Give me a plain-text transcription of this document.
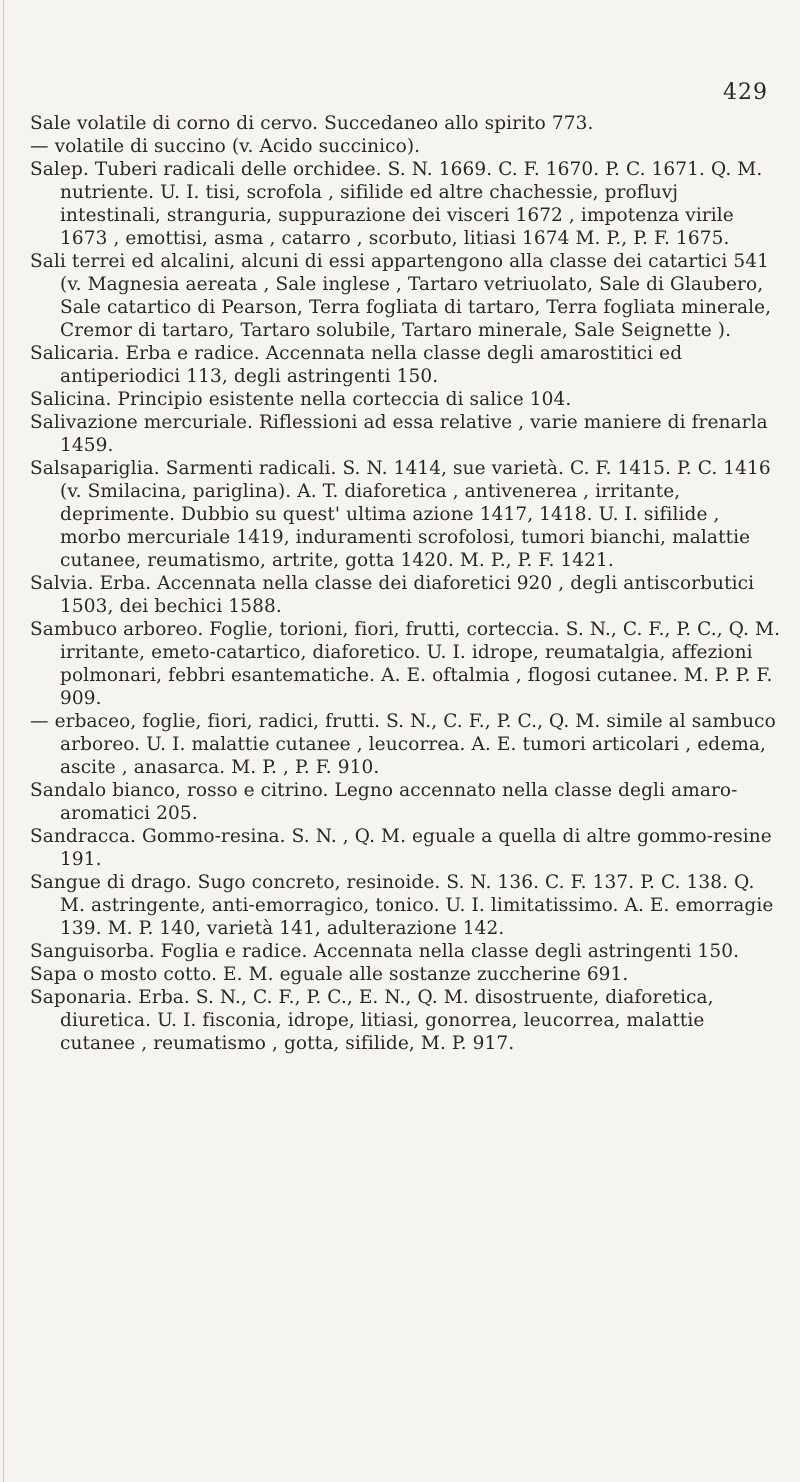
429

Sale volatile di corno di cervo. Succedaneo allo spirito 773.

— volatile di succino (v. Acido succinico).

Salep. Tuberi radicali delle orchidee. S. N. 1669. C. F. 1670. P. C. 1671. Q. M. nutriente. U. I. tisi, scrofola , sifilide ed altre chachessie, profluvj intestinali, stranguria, suppurazione dei visceri 1672 , impotenza virile 1673 , emottisi, asma , catarro , scorbuto, litiasi 1674 M. P., P. F. 1675.

Sali terrei ed alcalini, alcuni di essi appartengono alla classe dei catartici 541 (v. Magnesia aereata , Sale inglese , Tartaro vetriuolato, Sale di Glaubero, Sale catartico di Pearson, Terra fogliata di tartaro, Terra fogliata minerale, Cremor di tartaro, Tartaro solubile, Tartaro minerale, Sale Seignette ).

Salicaria. Erba e radice. Accennata nella classe degli amarostitici ed antiperiodici 113, degli astringenti 150.

Salicina. Principio esistente nella corteccia di salice 104.

Salivazione mercuriale. Riflessioni ad essa relative , varie maniere di frenarla 1459.

Salsapariglia. Sarmenti radicali. S. N. 1414, sue varietà. C. F. 1415. P. C. 1416 (v. Smilacina, pariglina). A. T. diaforetica , antivenerea , irritante, deprimente. Dubbio su quest' ultima azione 1417, 1418. U. I. sifilide , morbo mercuriale 1419, induramenti scrofolosi, tumori bianchi, malattie cutanee, reumatismo, artrite, gotta 1420. M. P., P. F. 1421.

Salvia. Erba. Accennata nella classe dei diaforetici 920 , degli antiscorbutici 1503, dei bechici 1588.

Sambuco arboreo. Foglie, torioni, fiori, frutti, corteccia. S. N., C. F., P. C., Q. M. irritante, emeto-catartico, diaforetico. U. I. idrope, reumatalgia, affezioni polmonari, febbri esantematiche. A. E. oftalmia , flogosi cutanee. M. P. P. F. 909.

— erbaceo, foglie, fiori, radici, frutti. S. N., C. F., P. C., Q. M. simile al sambuco arboreo. U. I. malattie cutanee , leucorrea. A. E. tumori articolari , edema, ascite , anasarca. M. P. , P. F. 910.

Sandalo bianco, rosso e citrino. Legno accennato nella classe degli amaro-aromatici 205.

Sandracca. Gommo-resina. S. N. , Q. M. eguale a quella di altre gommo-resine 191.

Sangue di drago. Sugo concreto, resinoide. S. N. 136. C. F. 137. P. C. 138. Q. M. astringente, anti-emorragico, tonico. U. I. limitatissimo. A. E. emorragie 139. M. P. 140, varietà 141, adulterazione 142.

Sanguisorba. Foglia e radice. Accennata nella classe degli astringenti 150.

Sapa o mosto cotto. E. M. eguale alle sostanze zuccherine 691.

Saponaria. Erba. S. N., C. F., P. C., E. N., Q. M. disostruente, diaforetica, diuretica. U. I. fisconia, idrope, litiasi, gonorrea, leucorrea, malattie cutanee , reumatismo , gotta, sifilide, M. P. 917.
